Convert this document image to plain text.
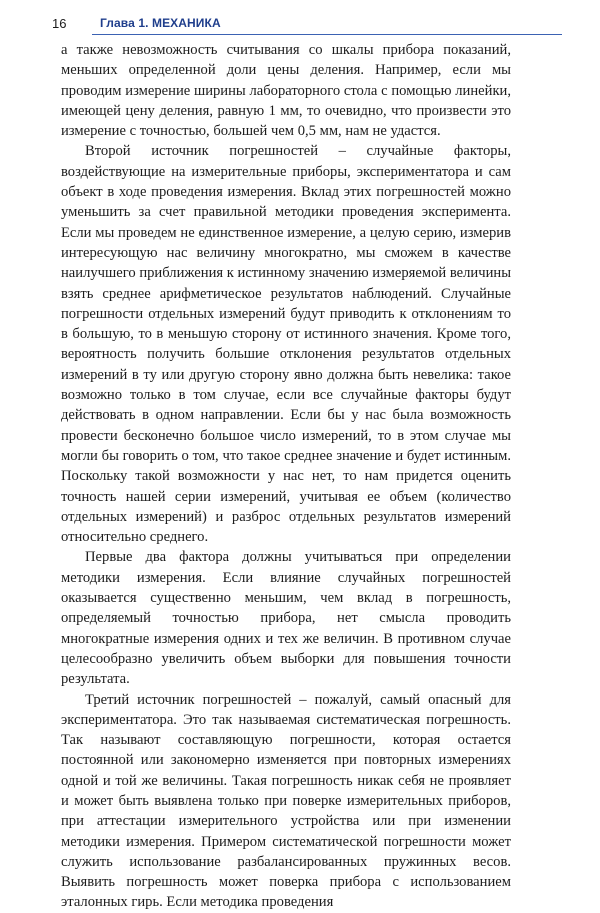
16	Глава 1. МЕХАНИКА

а также невозможность считывания со шкалы прибора показаний, меньших определенной доли цены деления. Например, если мы проводим измерение ширины лабораторного стола с помощью линейки, имеющей цену деления, равную 1 мм, то очевидно, что произвести это измерение с точностью, большей чем 0,5 мм, нам не удастся.

Второй источник погрешностей – случайные факторы, воздействующие на измерительные приборы, экспериментатора и сам объект в ходе проведения измерения. Вклад этих погрешностей можно уменьшить за счет правильной методики проведения эксперимента. Если мы проведем не единственное измерение, а целую серию, измерив интересующую нас величину многократно, мы сможем в качестве наилучшего приближения к истинному значению измеряемой величины взять среднее арифметическое результатов наблюдений. Случайные погрешности отдельных измерений будут приводить к отклонениям то в большую, то в меньшую сторону от истинного значения. Кроме того, вероятность получить большие отклонения результатов отдельных измерений в ту или другую сторону явно должна быть невелика: такое возможно только в том случае, если все случайные факторы будут действовать в одном направлении. Если бы у нас была возможность провести бесконечно большое число измерений, то в этом случае мы могли бы говорить о том, что такое среднее значение и будет истинным. Поскольку такой возможности у нас нет, то нам придется оценить точность нашей серии измерений, учитывая ее объем (количество отдельных измерений) и разброс отдельных результатов измерений относительно среднего.

Первые два фактора должны учитываться при определении методики измерения. Если влияние случайных погрешностей оказывается существенно меньшим, чем вклад в погрешность, определяемый точностью прибора, нет смысла проводить многократные измерения одних и тех же величин. В противном случае целесообразно увеличить объем выборки для повышения точности результата.

Третий источник погрешностей – пожалуй, самый опасный для экспериментатора. Это так называемая систематическая погрешность. Так называют составляющую погрешности, которая остается постоянной или закономерно изменяется при повторных измерениях одной и той же величины. Такая погрешность никак себя не проявляет и может быть выявлена только при поверке измерительных приборов, при аттестации измерительного устройства или при изменении методики измерения. Примером систематической погрешности может служить использование разбалансированных пружинных весов. Выявить погрешность может поверка прибора с использованием эталонных гирь. Если методика проведения
